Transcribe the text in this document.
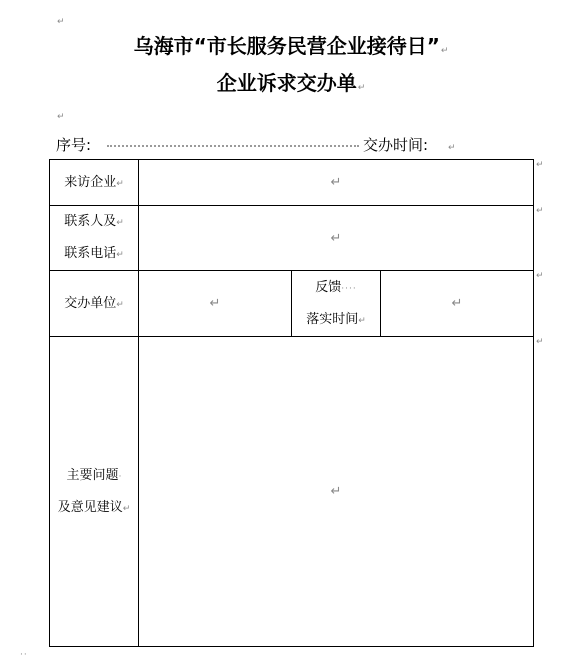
↵
乌海市“市长服务民营企业接待日”↵
企业诉求交办单↵
↵
序号:	交办时间: ↵
来访企业↵	↵		

联系人及↵
联系电话↵	↵		
交办单位↵	↵	反馈····
落实时间↵	↵

主要问题·
及意见建议↵	↵		
↵
↵
↵
↵
··
